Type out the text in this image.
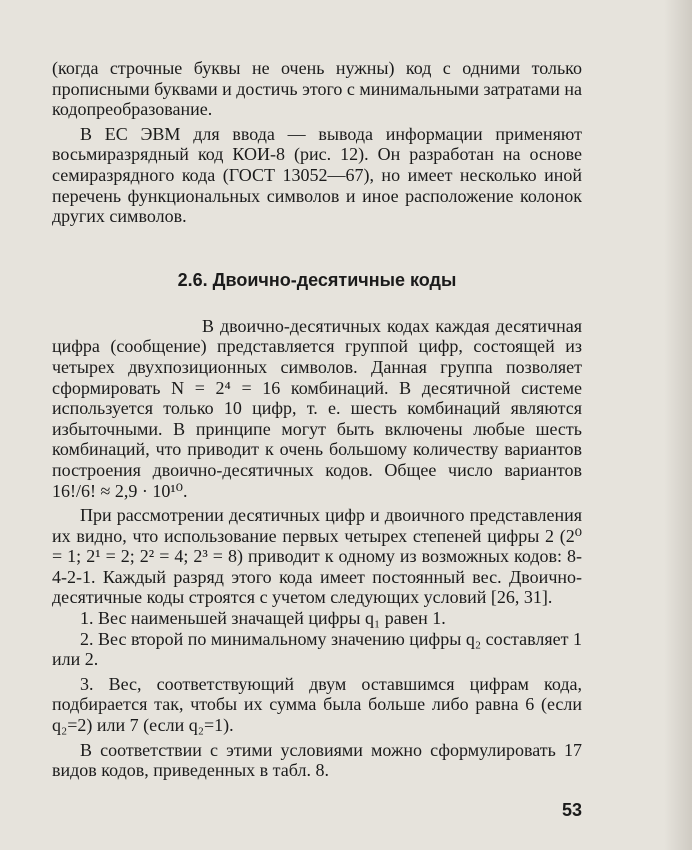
(когда строчные буквы не очень нужны) код с одними только прописными буквами и достичь этого с минимальными затратами на кодопреобразование.

В ЕС ЭВМ для ввода — вывода информации применяют восьмиразрядный код КОИ-8 (рис. 12). Он разработан на основе семиразрядного кода (ГОСТ 13052—67), но имеет несколько иной перечень функциональных символов и иное расположение колонок других символов.

2.6. Двоично-десятичные коды

В двоично-десятичных кодах каждая десятичная цифра (сообщение) представляется группой цифр, состоящей из четырех двухпозиционных символов. Данная группа позволяет сформировать N = 2⁴ = 16 комбинаций. В десятичной системе используется только 10 цифр, т. е. шесть комбинаций являются избыточными. В принципе могут быть включены любые шесть комбинаций, что приводит к очень большому количеству вариантов построения двоично-десятичных кодов. Общее число вариантов 16!/6! ≈ 2,9 · 10¹⁰.

При рассмотрении десятичных цифр и двоичного представления их видно, что использование первых четырех степеней цифры 2 (2⁰ = 1; 2¹ = 2; 2² = 4; 2³ = 8) приводит к одному из возможных кодов: 8-4-2-1. Каждый разряд этого кода имеет постоянный вес. Двоично-десятичные коды строятся с учетом следующих условий [26, 31].

1. Вес наименьшей значащей цифры q₁ равен 1.

2. Вес второй по минимальному значению цифры q₂ составляет 1 или 2.

3. Вес, соответствующий двум оставшимся цифрам кода, подбирается так, чтобы их сумма была больше либо равна 6 (если q₂=2) или 7 (если q₂=1).

В соответствии с этими условиями можно сформулировать 17 видов кодов, приведенных в табл. 8.

53
